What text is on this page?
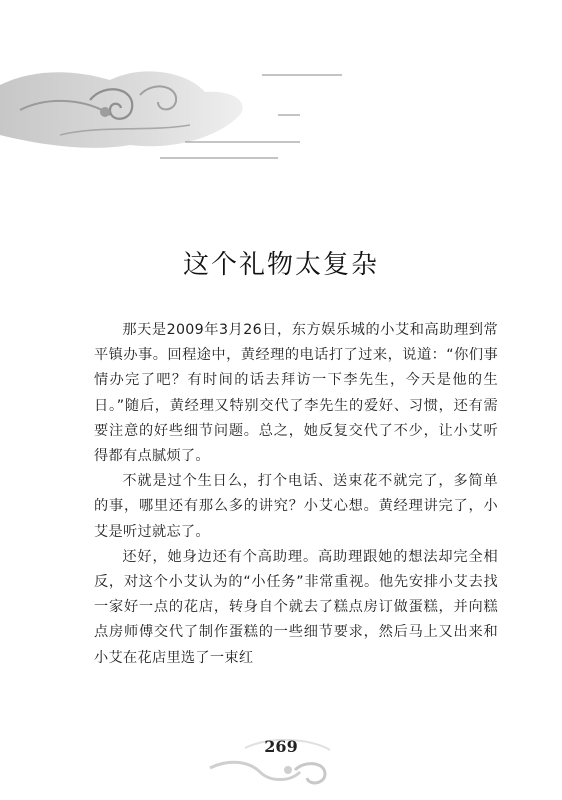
这个礼物太复杂

那天是2009年3月26日，东方娱乐城的小艾和高助理到常平镇办事。回程途中，黄经理的电话打了过来，说道：“你们事情办完了吧？有时间的话去拜访一下李先生，今天是他的生日。”随后，黄经理又特别交代了李先生的爱好、习惯，还有需要注意的好些细节问题。总之，她反复交代了不少，让小艾听得都有点腻烦了。

不就是过个生日么，打个电话、送束花不就完了，多简单的事，哪里还有那么多的讲究？小艾心想。黄经理讲完了，小艾是听过就忘了。

还好，她身边还有个高助理。高助理跟她的想法却完全相反，对这个小艾认为的“小任务”非常重视。他先安排小艾去找一家好一点的花店，转身自个就去了糕点房订做蛋糕，并向糕点房师傅交代了制作蛋糕的一些细节要求，然后马上又出来和小艾在花店里选了一束红

269
